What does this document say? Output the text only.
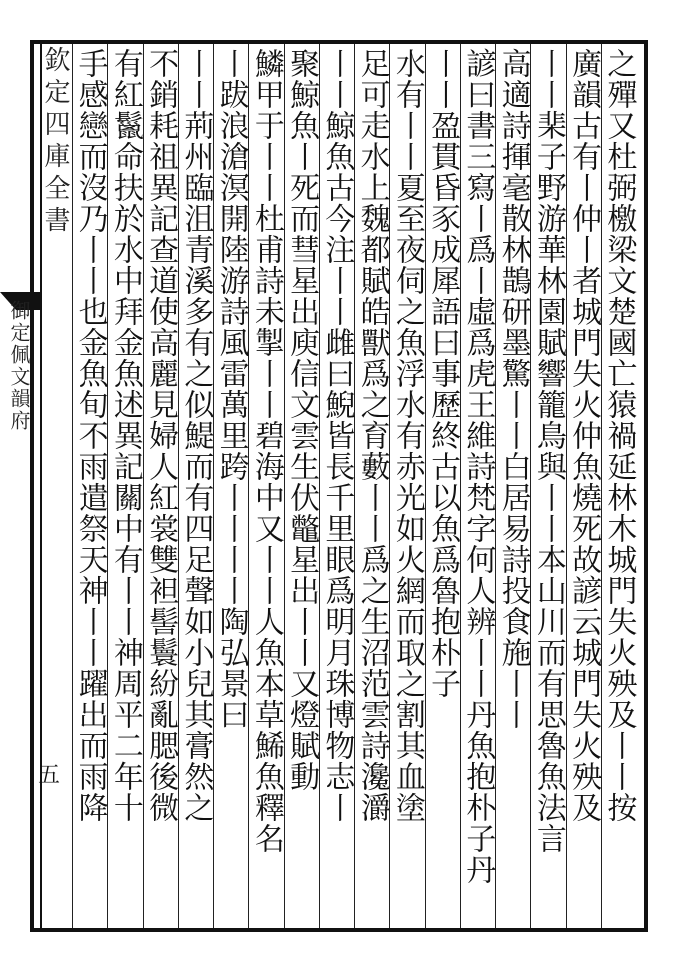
欽定四庫全書
御定佩文韻府
五	之殫又杜弼檄梁文楚國亡猿禍延林木城門失火殃及丨丨按
廣韻古有丨仲丨者城門失火仲魚燒死故諺云城門失火殃及
丨丨棐子野游華林園賦響籠鳥與丨丨本山川而有思魯魚法言
高適詩揮毫散林鵲研墨驚丨丨白居易詩投食施丨丨
諺曰書三寫丨爲丨虛爲虎王維詩梵字何人辨丨丨丹魚抱朴子丹
丨丨盈貫昏豕成犀語曰事歷終古以魚爲魯抱朴子
水有丨丨夏至夜伺之魚浮水有赤光如火網而取之割其血塗
足可走水上魏都賦皓獸爲之育藪丨丨爲之生沼范雲詩瀺灂
丨丨鯨魚古今注丨丨雌曰鯢皆長千里眼爲明月珠博物志丨
聚鯨魚丨死而彗星出庾信文雲生伏鼈星出丨丨又燈賦動
鱗甲于丨丨杜甫詩未掣丨丨碧海中又丨丨人魚本草鯑魚釋名
丨跋浪滄溟開陸游詩風雷萬里跨丨丨丨丨陶弘景曰
丨丨荊州臨沮青溪多有之似鯷而有四足聲如小兒其膏然之
不銷耗祖異記查道使高麗見婦人紅裳雙袒髻鬟紛亂腮後微
有紅鬣命扶於水中拜金魚述異記關中有丨丨神周平二年十
手感戀而沒乃丨丨也金魚旬不雨遣祭天神丨丨躍出而雨降
